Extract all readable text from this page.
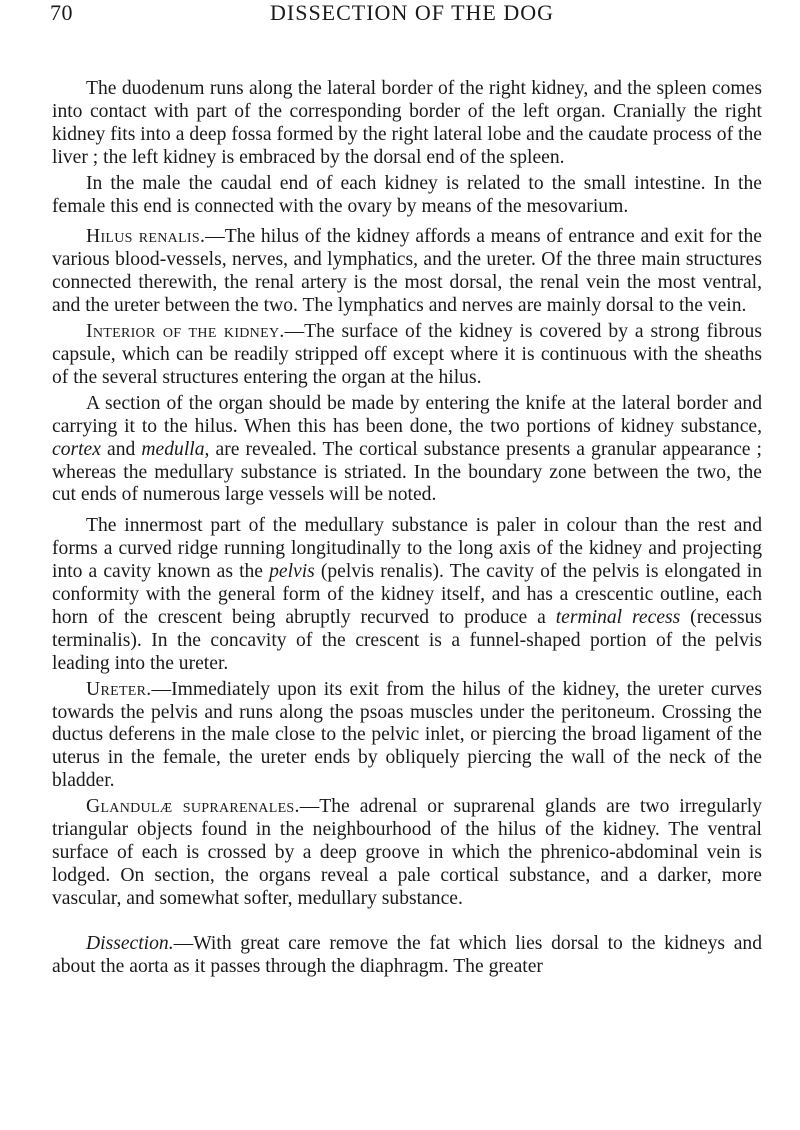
70	DISSECTION OF THE DOG

The duodenum runs along the lateral border of the right kidney, and the spleen comes into contact with part of the corresponding border of the left organ. Cranially the right kidney fits into a deep fossa formed by the right lateral lobe and the caudate process of the liver ; the left kidney is embraced by the dorsal end of the spleen.

In the male the caudal end of each kidney is related to the small intestine. In the female this end is connected with the ovary by means of the mesovarium.

Hilus renalis.—The hilus of the kidney affords a means of entrance and exit for the various blood-vessels, nerves, and lymphatics, and the ureter. Of the three main structures connected therewith, the renal artery is the most dorsal, the renal vein the most ventral, and the ureter between the two. The lymphatics and nerves are mainly dorsal to the vein.

Interior of the kidney.—The surface of the kidney is covered by a strong fibrous capsule, which can be readily stripped off except where it is continuous with the sheaths of the several structures entering the organ at the hilus.

A section of the organ should be made by entering the knife at the lateral border and carrying it to the hilus. When this has been done, the two portions of kidney substance, cortex and medulla, are revealed. The cortical substance presents a granular appearance ; whereas the medullary substance is striated. In the boundary zone between the two, the cut ends of numerous large vessels will be noted.

The innermost part of the medullary substance is paler in colour than the rest and forms a curved ridge running longitudinally to the long axis of the kidney and projecting into a cavity known as the pelvis (pelvis renalis). The cavity of the pelvis is elongated in conformity with the general form of the kidney itself, and has a crescentic outline, each horn of the crescent being abruptly recurved to produce a terminal recess (recessus terminalis). In the concavity of the crescent is a funnel-shaped portion of the pelvis leading into the ureter.

Ureter.—Immediately upon its exit from the hilus of the kidney, the ureter curves towards the pelvis and runs along the psoas muscles under the peritoneum. Crossing the ductus deferens in the male close to the pelvic inlet, or piercing the broad ligament of the uterus in the female, the ureter ends by obliquely piercing the wall of the neck of the bladder.

Glandulæ suprarenales.—The adrenal or suprarenal glands are two irregularly triangular objects found in the neighbourhood of the hilus of the kidney. The ventral surface of each is crossed by a deep groove in which the phrenico-abdominal vein is lodged. On section, the organs reveal a pale cortical substance, and a darker, more vascular, and somewhat softer, medullary substance.

Dissection.—With great care remove the fat which lies dorsal to the kidneys and about the aorta as it passes through the diaphragm. The greater
